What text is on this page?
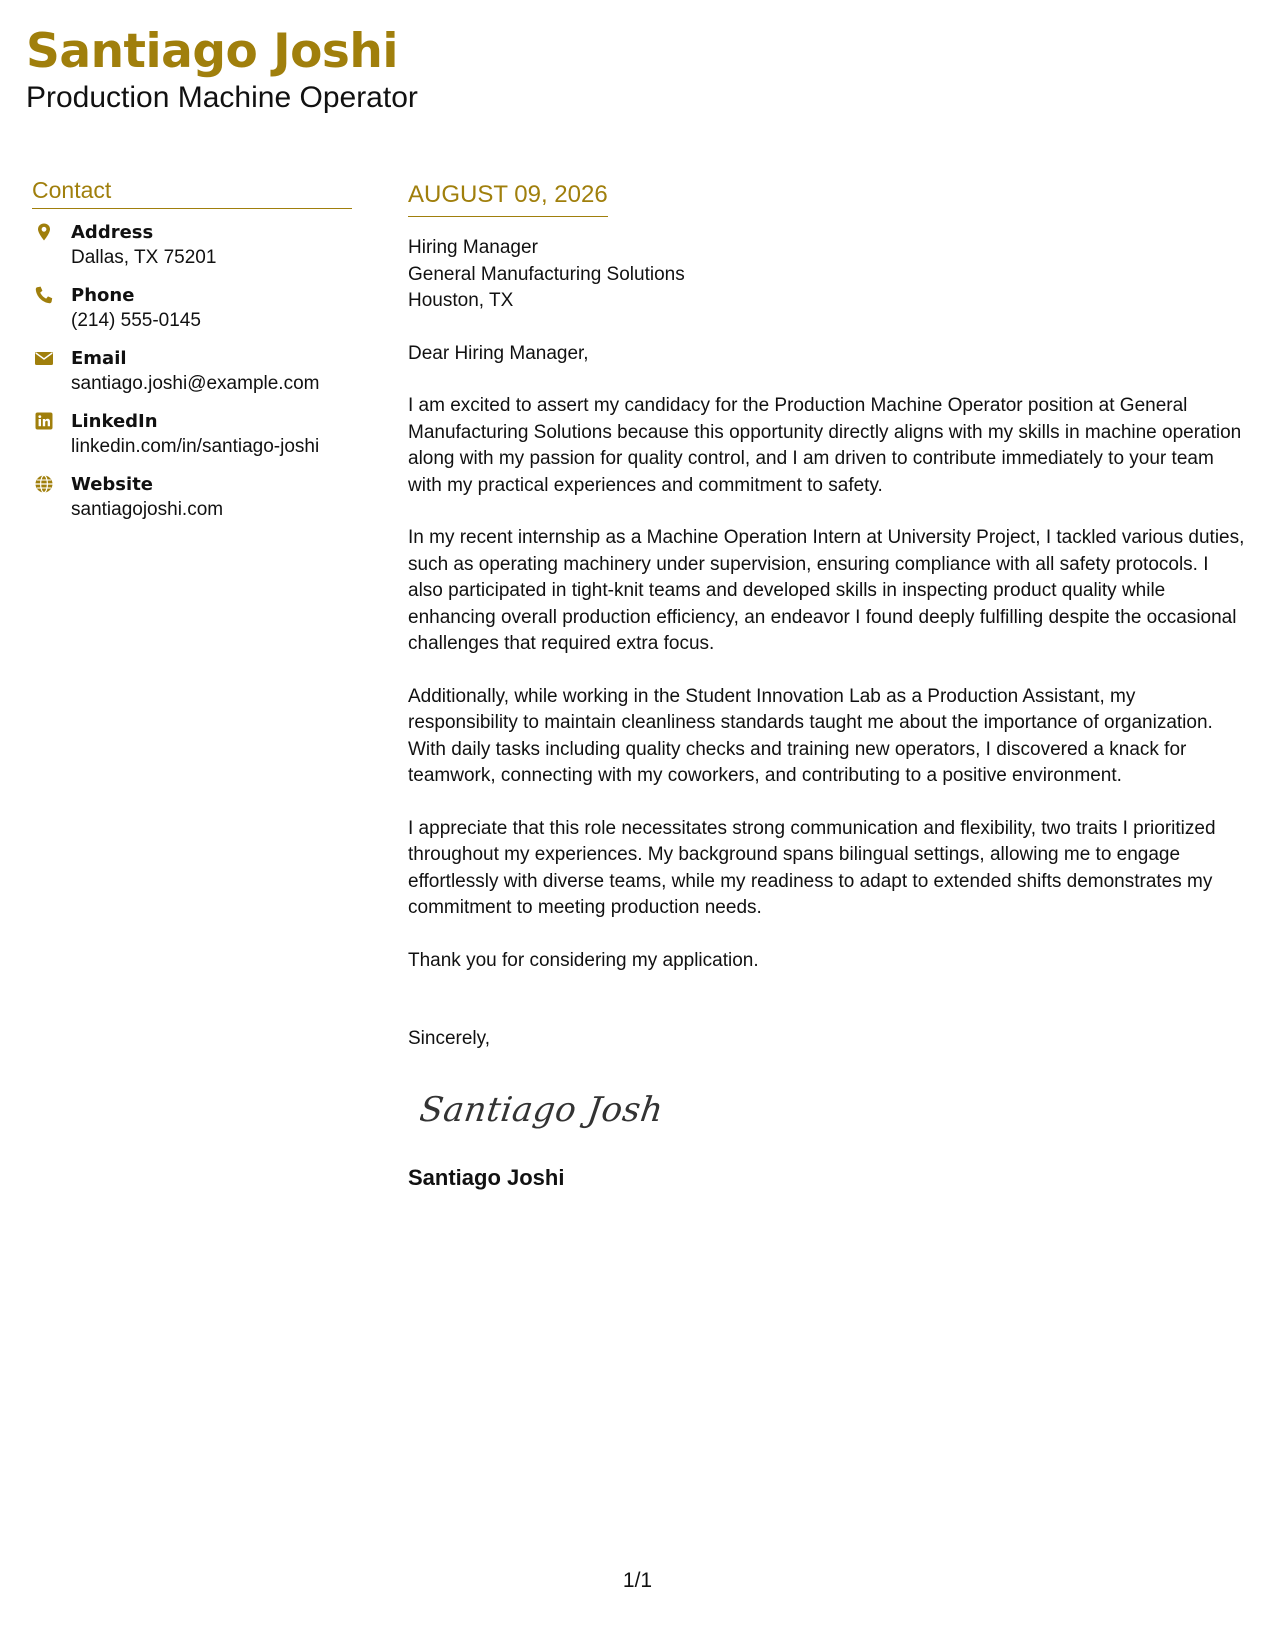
Santiago Joshi
Production Machine Operator
Contact
Address
Dallas, TX 75201
Phone
(214) 555-0145
Email
santiago.joshi@example.com
LinkedIn
linkedin.com/in/santiago-joshi
Website
santiagojoshi.com
AUGUST 09, 2026
Hiring Manager
General Manufacturing Solutions
Houston, TX

Dear Hiring Manager,

I am excited to assert my candidacy for the Production Machine Operator position at General Manufacturing Solutions because this opportunity directly aligns with my skills in machine operation along with my passion for quality control, and I am driven to contribute immediately to your team with my practical experiences and commitment to safety.

In my recent internship as a Machine Operation Intern at University Project, I tackled various duties, such as operating machinery under supervision, ensuring compliance with all safety protocols. I also participated in tight-knit teams and developed skills in inspecting product quality while enhancing overall production efficiency, an endeavor I found deeply fulfilling despite the occasional challenges that required extra focus.

Additionally, while working in the Student Innovation Lab as a Production Assistant, my responsibility to maintain cleanliness standards taught me about the importance of organization. With daily tasks including quality checks and training new operators, I discovered a knack for teamwork, connecting with my coworkers, and contributing to a positive environment.

I appreciate that this role necessitates strong communication and flexibility, two traits I prioritized throughout my experiences. My background spans bilingual settings, allowing me to engage effortlessly with diverse teams, while my readiness to adapt to extended shifts demonstrates my commitment to meeting production needs.

Thank you for considering my application.

Sincerely,

Santiago Joshi
Santiago Joshi
1/1
